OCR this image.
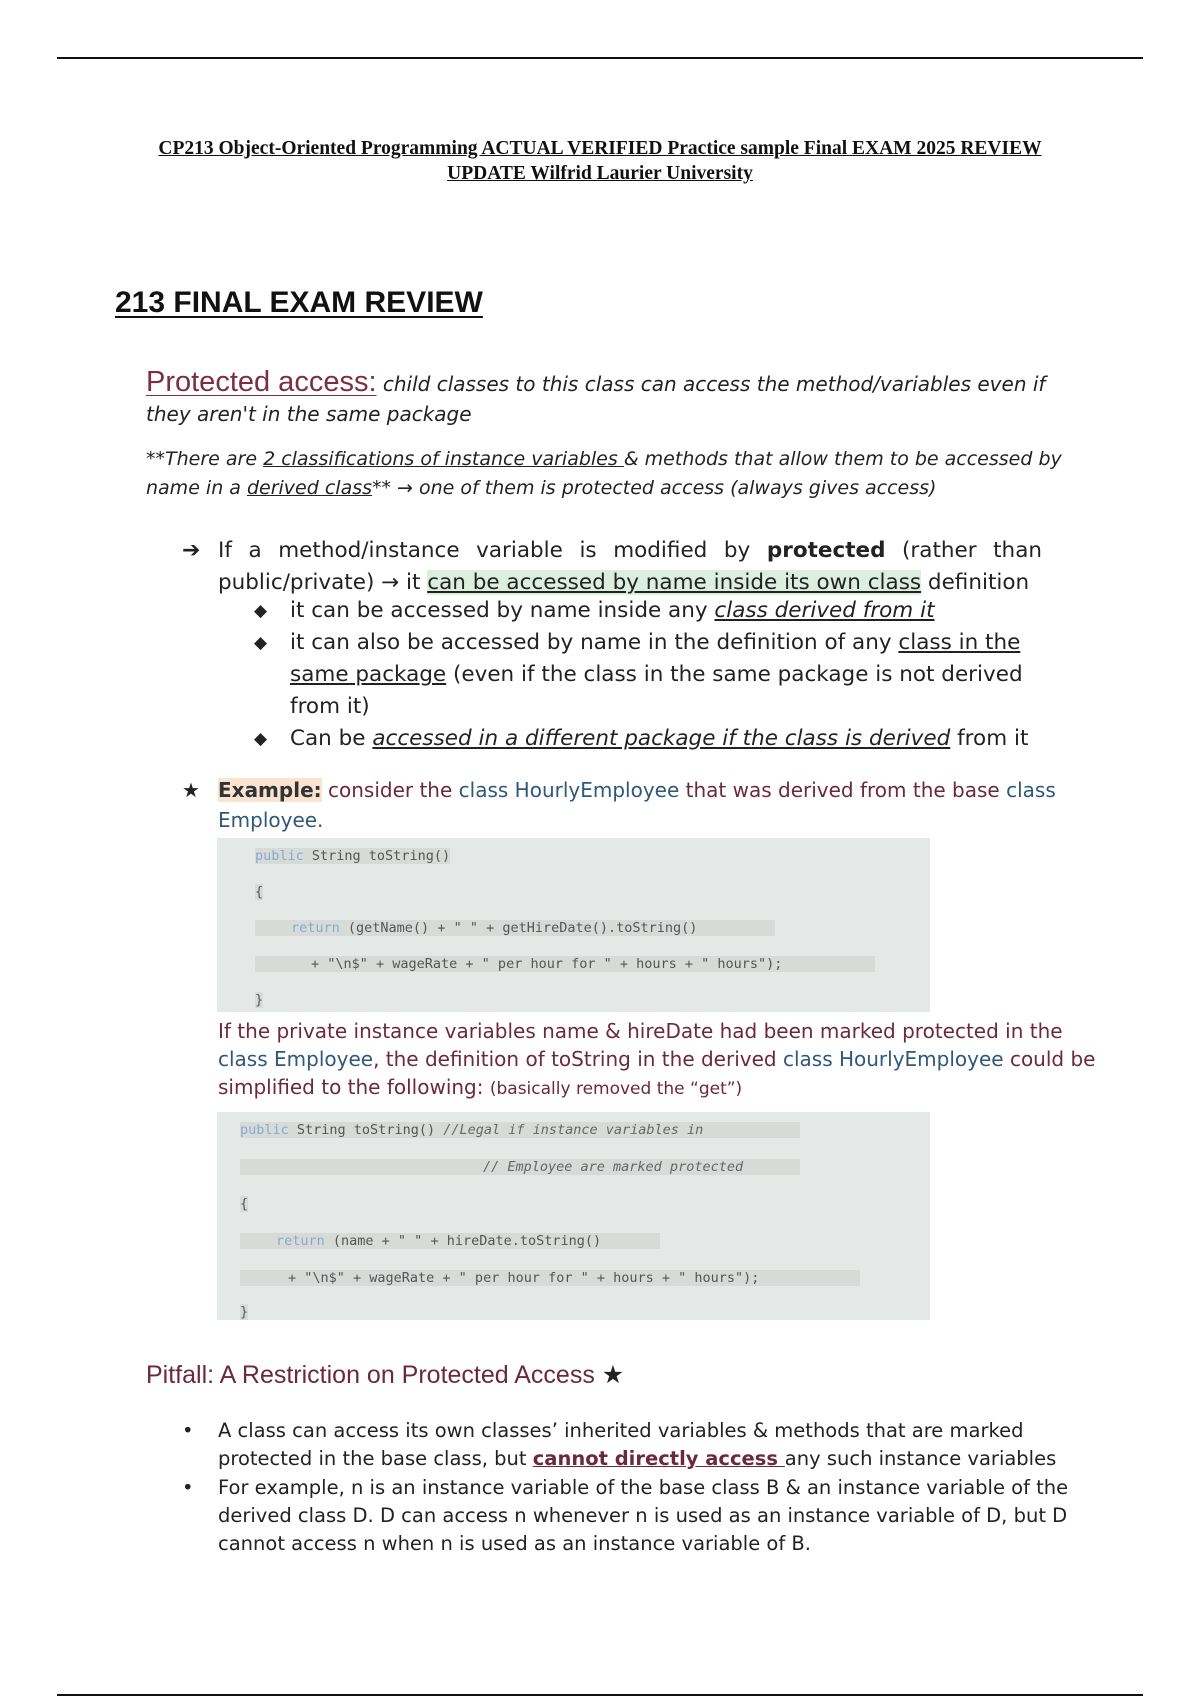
CP213 Object-Oriented Programming ACTUAL VERIFIED Practice sample Final EXAM 2025 REVIEW
UPDATE Wilfrid Laurier University
213 FINAL EXAM REVIEW
Protected access: child classes to this class can access the method/variables even if they aren't in the same package
**There are 2 classifications of instance variables & methods that allow them to be accessed by name in a derived class** → one of them is protected access (always gives access)
➔ If a method/instance variable is modified by protected (rather than public/private) → it can be accessed by name inside its own class definition
◆ it can be accessed by name inside any class derived from it
◆ it can also be accessed by name in the definition of any class in the same package (even if the class in the same package is not derived from it)
◆ Can be accessed in a different package if the class is derived from it
★ Example: consider the class HourlyEmployee that was derived from the base class Employee.
public String toString()
{
return (getName() + " " + getHireDate().toString()
+ "\n$" + wageRate + " per hour for " + hours + " hours");
}
If the private instance variables name & hireDate had been marked protected in the class Employee, the definition of toString in the derived class HourlyEmployee could be simplified to the following: (basically removed the “get”)
public String toString() //Legal if instance variables in
// Employee are marked protected
{
return (name + " " + hireDate.toString()
+ "\n$" + wageRate + " per hour for " + hours + " hours");
}
Pitfall: A Restriction on Protected Access ★
• A class can access its own classes’ inherited variables & methods that are marked protected in the base class, but cannot directly access any such instance variables
• For example, n is an instance variable of the base class B & an instance variable of the derived class D. D can access n whenever n is used as an instance variable of D, but D cannot access n when n is used as an instance variable of B.
